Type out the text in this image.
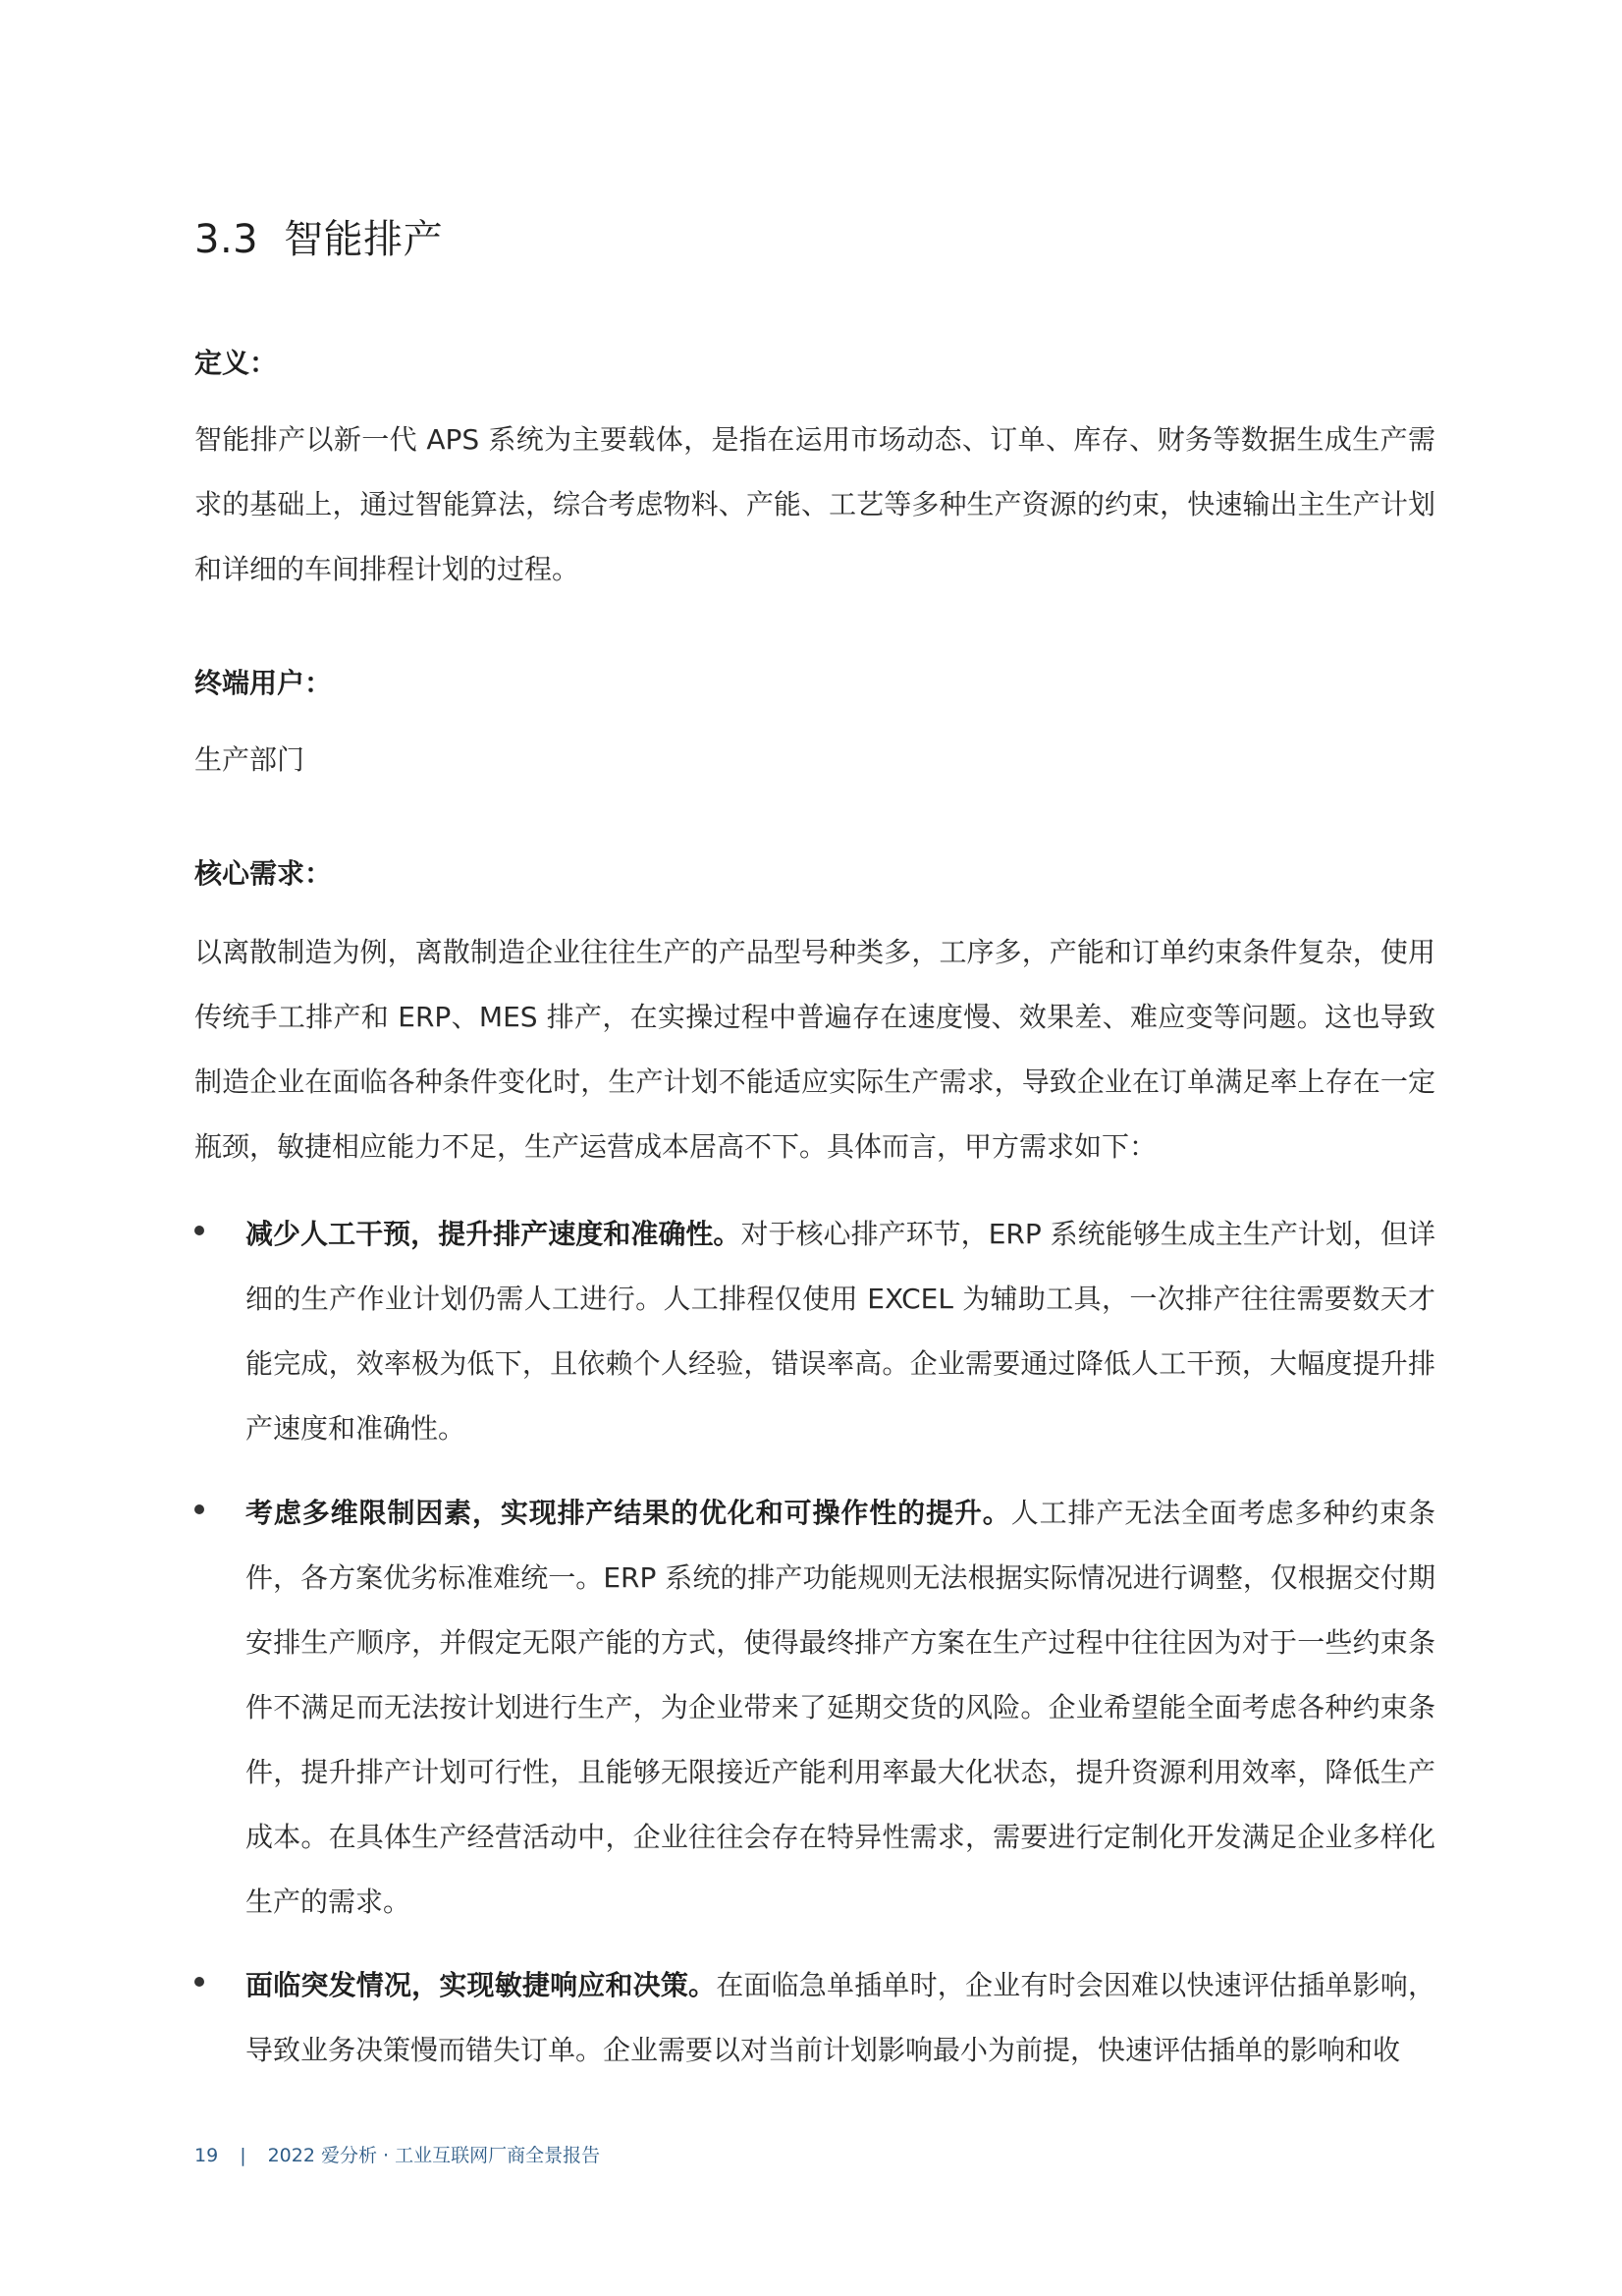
3.3 智能排产
定义：

智能排产以新一代 APS 系统为主要载体，是指在运用市场动态、订单、库存、财务等数据生成生产需求的基础上，通过智能算法，综合考虑物料、产能、工艺等多种生产资源的约束，快速输出主生产计划和详细的车间排程计划的过程。

终端用户：

生产部门

核心需求：

以离散制造为例，离散制造企业往往生产的产品型号种类多，工序多，产能和订单约束条件复杂，使用传统手工排产和 ERP、MES 排产，在实操过程中普遍存在速度慢、效果差、难应变等问题。这也导致制造企业在面临各种条件变化时，生产计划不能适应实际生产需求，导致企业在订单满足率上存在一定瓶颈，敏捷相应能力不足，生产运营成本居高不下。具体而言，甲方需求如下：

减少人工干预，提升排产速度和准确性。对于核心排产环节，ERP 系统能够生成主生产计划，但详细的生产作业计划仍需人工进行。人工排程仅使用 EXCEL 为辅助工具，一次排产往往需要数天才能完成，效率极为低下，且依赖个人经验，错误率高。企业需要通过降低人工干预，大幅度提升排产速度和准确性。

考虑多维限制因素，实现排产结果的优化和可操作性的提升。人工排产无法全面考虑多种约束条件，各方案优劣标准难统一。ERP 系统的排产功能规则无法根据实际情况进行调整，仅根据交付期安排生产顺序，并假定无限产能的方式，使得最终排产方案在生产过程中往往因为对于一些约束条件不满足而无法按计划进行生产，为企业带来了延期交货的风险。企业希望能全面考虑各种约束条件，提升排产计划可行性，且能够无限接近产能利用率最大化状态，提升资源利用效率，降低生产成本。在具体生产经营活动中，企业往往会存在特异性需求，需要进行定制化开发满足企业多样化生产的需求。

面临突发情况，实现敏捷响应和决策。在面临急单插单时，企业有时会因难以快速评估插单影响，导致业务决策慢而错失订单。企业需要以对当前计划影响最小为前提，快速评估插单的影响和收

19 | 2022 爱分析 · 工业互联网厂商全景报告
